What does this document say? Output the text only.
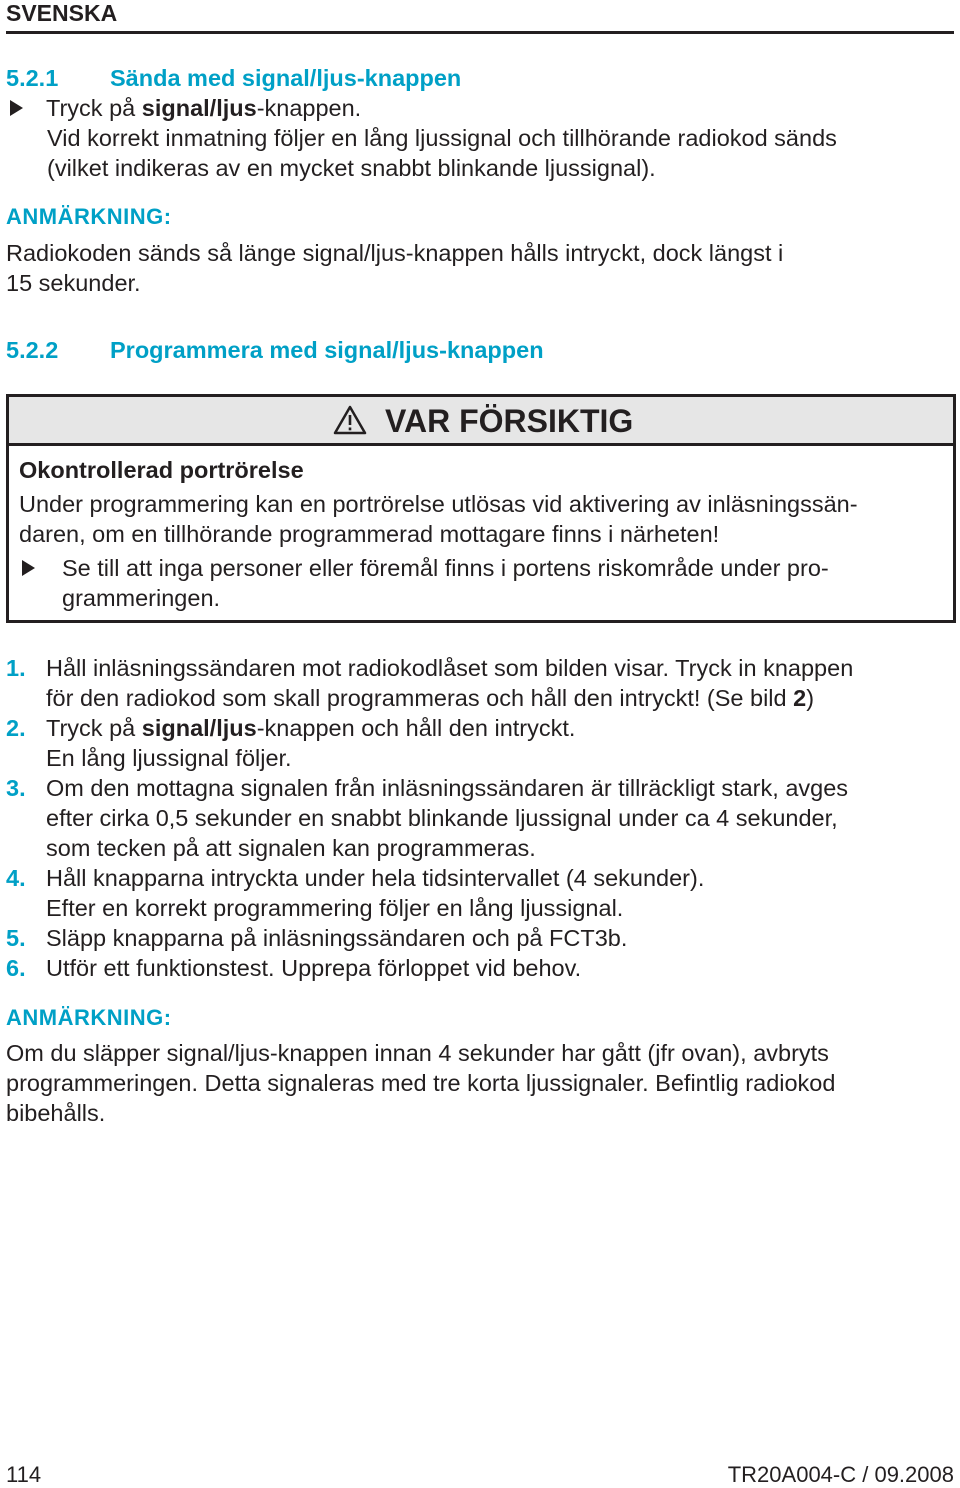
SVENSKA
5.2.1 Sända med signal/ljus-knappen
Tryck på signal/ljus-knappen.
Vid korrekt inmatning följer en lång ljussignal och tillhörande radiokod sänds
(vilket indikeras av en mycket snabbt blinkande ljussignal).
ANMÄRKNING:
Radiokoden sänds så länge signal/ljus-knappen hålls intryckt, dock längst i
15 sekunder.
5.2.2 Programmera med signal/ljus-knappen
VAR FÖRSIKTIG
Okontrollerad portrörelse
Under programmering kan en portrörelse utlösas vid aktivering av inläsningssän-
daren, om en tillhörande programmerad mottagare finns i närheten!
Se till att inga personer eller föremål finns i portens riskområde under pro-
grammeringen.
1. Håll inläsningssändaren mot radiokodlåset som bilden visar. Tryck in knappen
för den radiokod som skall programmeras och håll den intryckt! (Se bild 2)
2. Tryck på signal/ljus-knappen och håll den intryckt.
En lång ljussignal följer.
3. Om den mottagna signalen från inläsningssändaren är tillräckligt stark, avges
efter cirka 0,5 sekunder en snabbt blinkande ljussignal under ca 4 sekunder,
som tecken på att signalen kan programmeras.
4. Håll knapparna intryckta under hela tidsintervallet (4 sekunder).
Efter en korrekt programmering följer en lång ljussignal.
5. Släpp knapparna på inläsningssändaren och på FCT3b.
6. Utför ett funktionstest. Upprepa förloppet vid behov.
ANMÄRKNING:
Om du släpper signal/ljus-knappen innan 4 sekunder har gått (jfr ovan), avbryts
programmeringen. Detta signaleras med tre korta ljussignaler. Befintlig radiokod
bibehålls.
114	TR20A004-C / 09.2008
